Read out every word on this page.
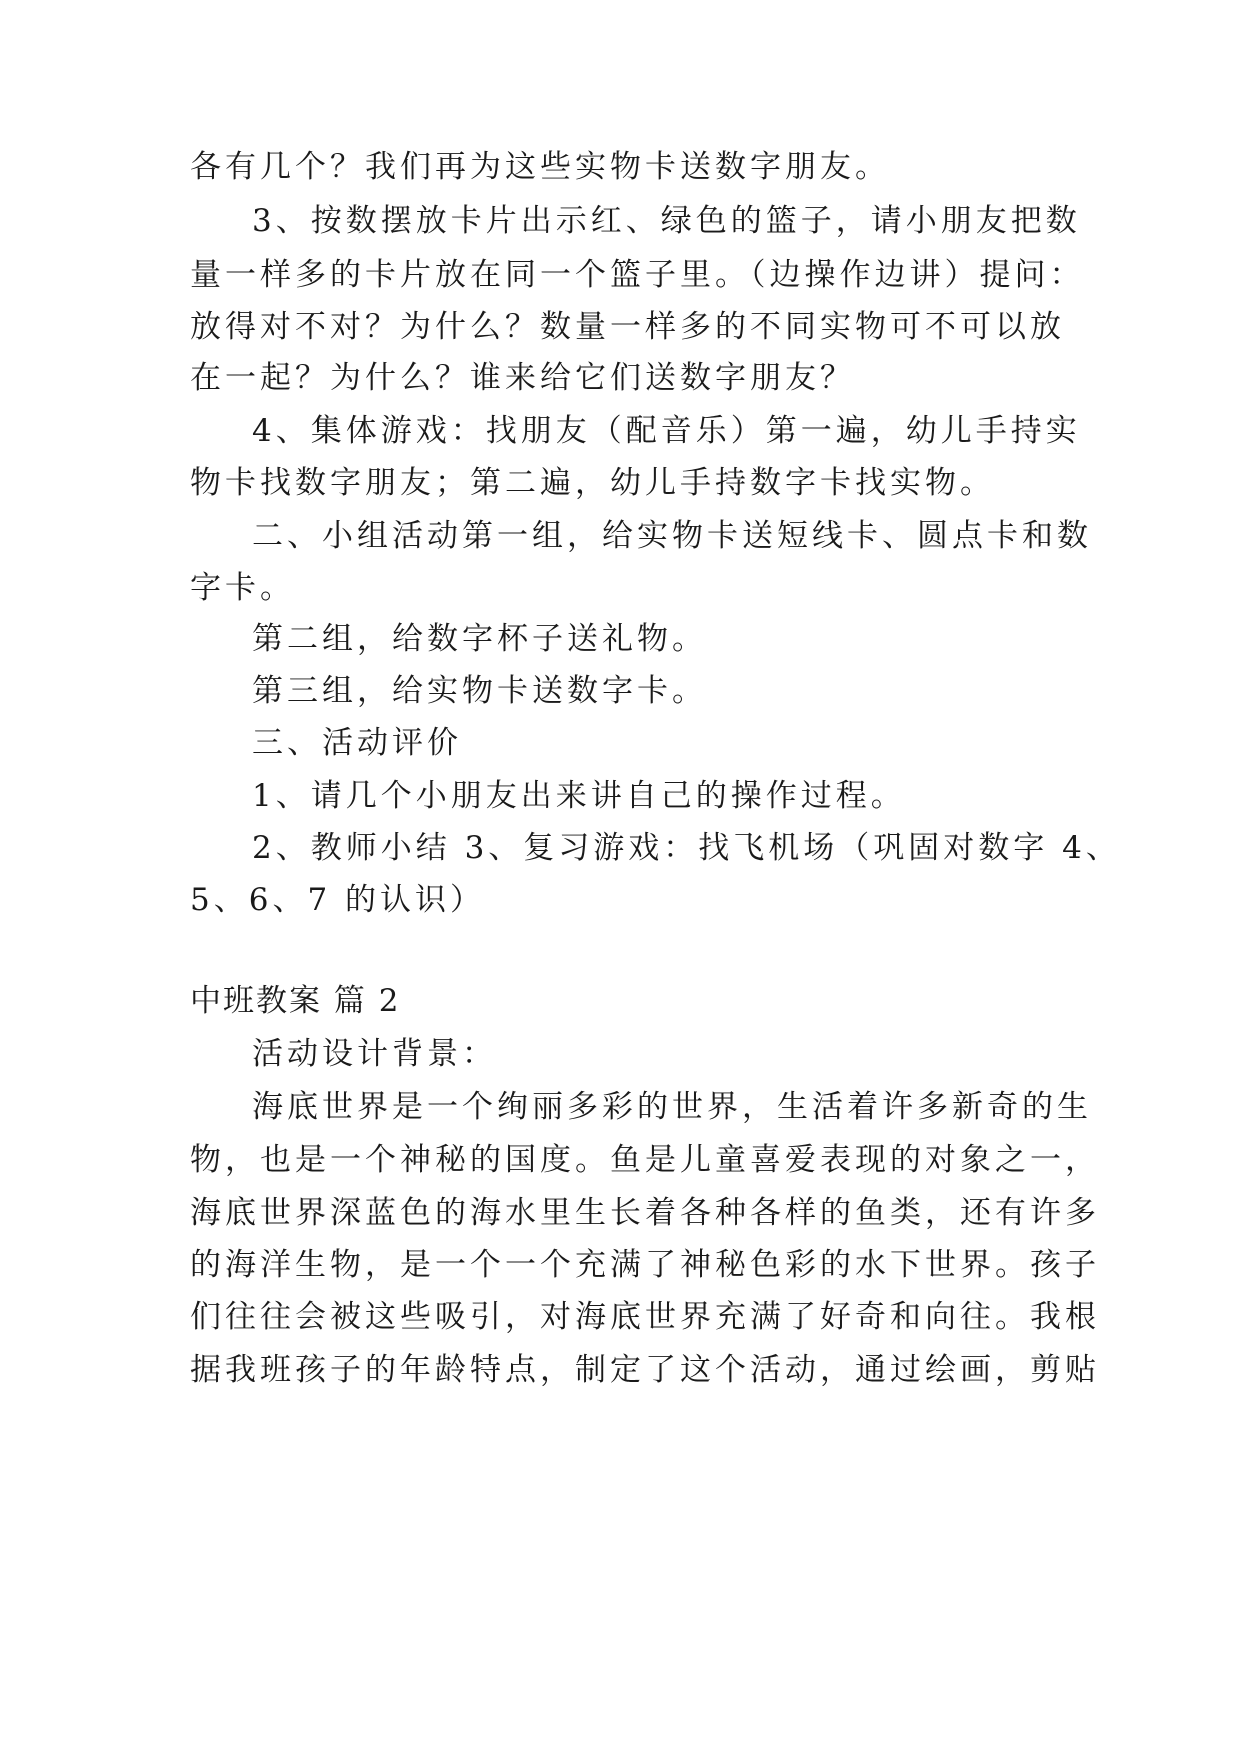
各有几个？我们再为这些实物卡送数字朋友。
3、按数摆放卡片出示红、绿色的篮子，请小朋友把数
量一样多的卡片放在同一个篮子里。（边操作边讲）提问：
放得对不对？为什么？数量一样多的不同实物可不可以放
在一起？为什么？谁来给它们送数字朋友？
4、集体游戏：找朋友（配音乐）第一遍，幼儿手持实
物卡找数字朋友；第二遍，幼儿手持数字卡找实物。
二、小组活动第一组，给实物卡送短线卡、圆点卡和数
字卡。
第二组，给数字杯子送礼物。
第三组，给实物卡送数字卡。
三、活动评价
1、请几个小朋友出来讲自己的操作过程。
2、教师小结 3、复习游戏：找飞机场（巩固对数字 4、
5、6、7 的认识）
中班教案 篇 2
活动设计背景：
海底世界是一个绚丽多彩的世界，生活着许多新奇的生
物，也是一个神秘的国度。鱼是儿童喜爱表现的对象之一，
海底世界深蓝色的海水里生长着各种各样的鱼类，还有许多
的海洋生物，是一个一个充满了神秘色彩的水下世界。孩子
们往往会被这些吸引，对海底世界充满了好奇和向往。我根
据我班孩子的年龄特点，制定了这个活动，通过绘画，剪贴
